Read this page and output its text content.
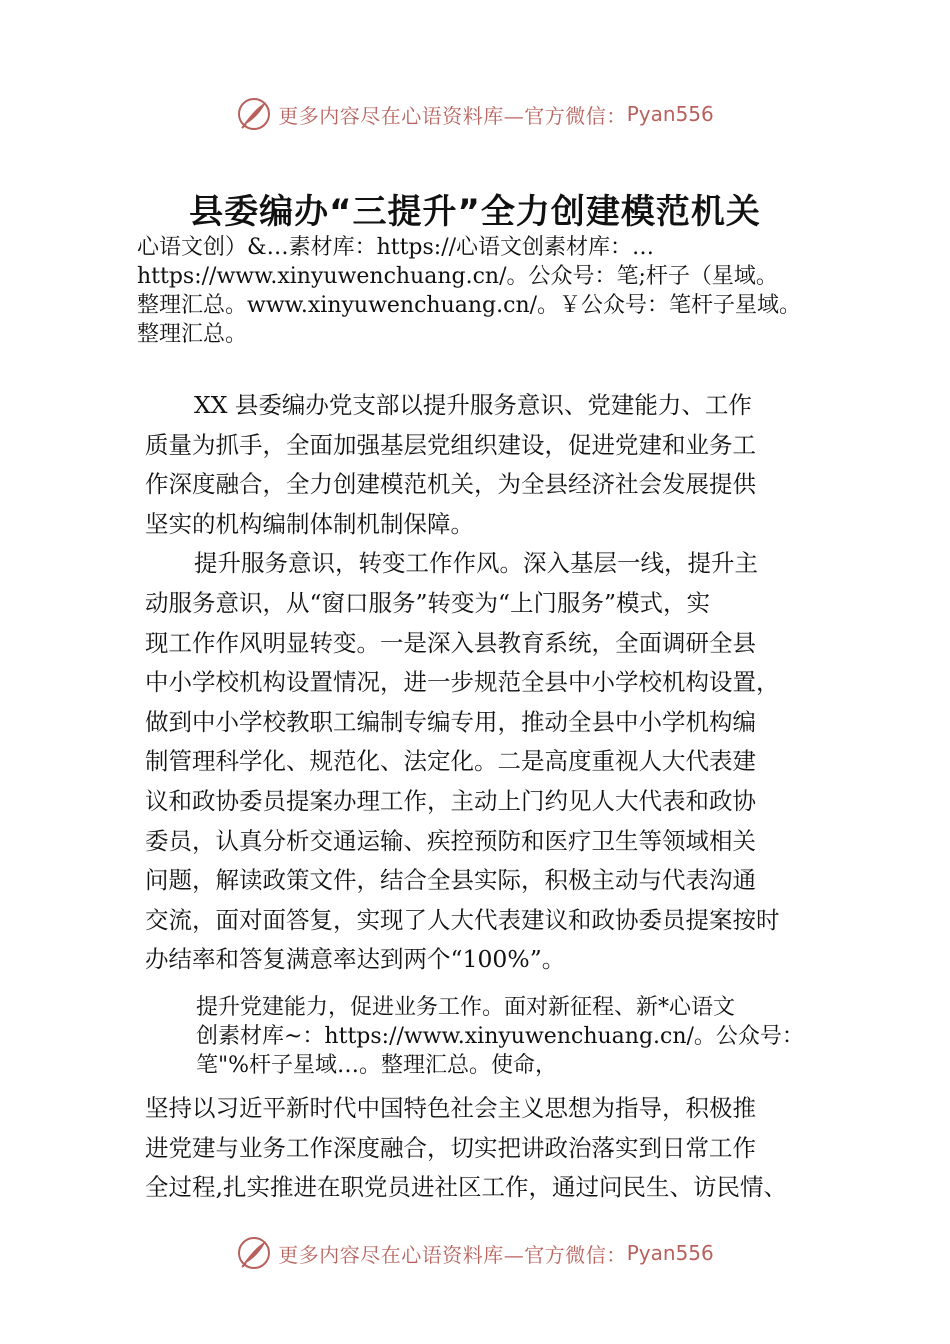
更多内容尽在心语资料库—官方微信： Pyan556
县委编办“三提升”全力创建模范机关
心语文创）&…素材库：https://心语文创素材库：…
https://www.xinyuwenchuang.cn/。公众号：笔;杆子（星域。
整理汇总。www.xinyuwenchuang.cn/。￥公众号：笔杆子星域。
整理汇总。
XX 县委编办党支部以提升服务意识、党建能力、工作
质量为抓手，全面加强基层党组织建设，促进党建和业务工
作深度融合，全力创建模范机关，为全县经济社会发展提供
坚实的机构编制体制机制保障。
提升服务意识，转变工作作风。深入基层一线，提升主
动服务意识，从“窗口服务”转变为“上门服务”模式，实
现工作作风明显转变。一是深入县教育系统，全面调研全县
中小学校机构设置情况，进一步规范全县中小学校机构设置，
做到中小学校教职工编制专编专用，推动全县中小学机构编
制管理科学化、规范化、法定化。二是高度重视人大代表建
议和政协委员提案办理工作，主动上门约见人大代表和政协
委员，认真分析交通运输、疾控预防和医疗卫生等领域相关
问题，解读政策文件，结合全县实际，积极主动与代表沟通
交流，面对面答复，实现了人大代表建议和政协委员提案按时
办结率和答复满意率达到两个“100%”。
提升党建能力，促进业务工作。面对新征程、新*心语文
创素材库~：https://www.xinyuwenchuang.cn/。公众号：
笔"%杆子星域…。整理汇总。使命，
坚持以习近平新时代中国特色社会主义思想为指导，积极推
进党建与业务工作深度融合，切实把讲政治落实到日常工作
全过程,扎实推进在职党员进社区工作，通过问民生、访民情、
更多内容尽在心语资料库—官方微信： Pyan556
